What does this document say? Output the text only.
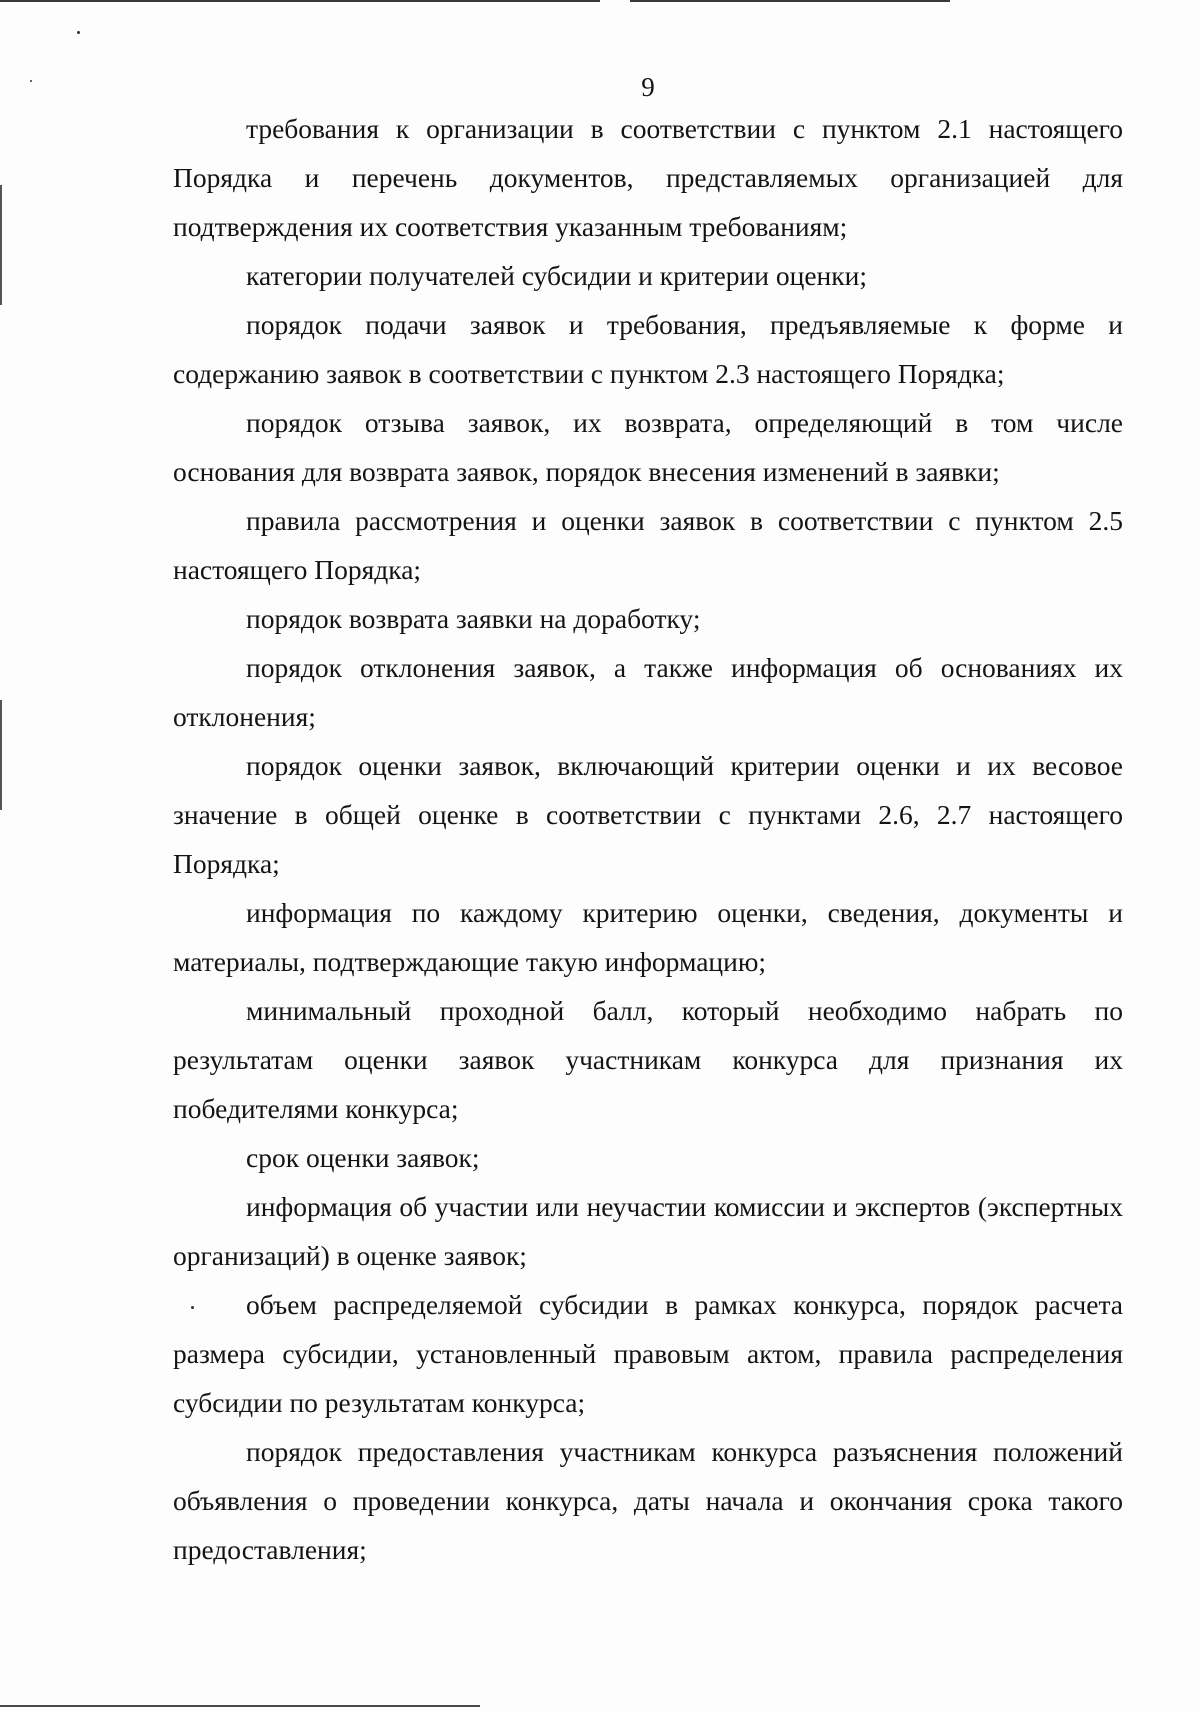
9

требования к организации в соответствии с пунктом 2.1 настоящего Порядка и перечень документов, представляемых организацией для подтверждения их соответствия указанным требованиям;

категории получателей субсидии и критерии оценки;

порядок подачи заявок и требования, предъявляемые к форме и содержанию заявок в соответствии с пунктом 2.3 настоящего Порядка;

порядок отзыва заявок, их возврата, определяющий в том числе основания для возврата заявок, порядок внесения изменений в заявки;

правила рассмотрения и оценки заявок в соответствии с пунктом 2.5 настоящего Порядка;

порядок возврата заявки на доработку;

порядок отклонения заявок, а также информация об основаниях их отклонения;

порядок оценки заявок, включающий критерии оценки и их весовое значение в общей оценке в соответствии с пунктами 2.6, 2.7 настоящего Порядка;

информация по каждому критерию оценки, сведения, документы и материалы, подтверждающие такую информацию;

минимальный проходной балл, который необходимо набрать по результатам оценки заявок участникам конкурса для признания их победителями конкурса;

срок оценки заявок;

информация об участии или неучастии комиссии и экспертов (экспертных организаций) в оценке заявок;

объем распределяемой субсидии в рамках конкурса, порядок расчета размера субсидии, установленный правовым актом, правила распределения субсидии по результатам конкурса;

порядок предоставления участникам конкурса разъяснения положений объявления о проведении конкурса, даты начала и окончания срока такого предоставления;
